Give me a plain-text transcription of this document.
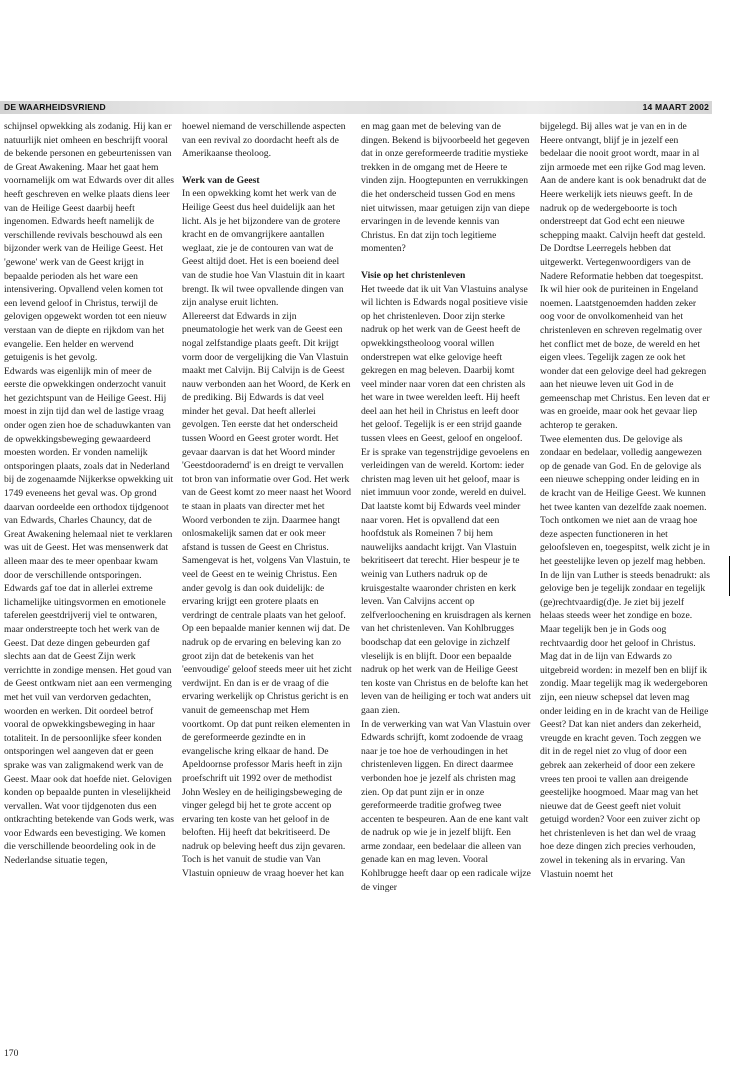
DE WAARHEIDSVRIEND	14 MAART 2002

schijnsel opwekking als zodanig. Hij kan er natuurlijk niet omheen en beschrijft vooral de bekende personen en gebeurtenissen van de Great Awakening. Maar het gaat hem voornamelijk om wat Edwards over dit alles heeft geschreven en welke plaats diens leer van de Heilige Geest daarbij heeft ingenomen. Edwards heeft namelijk de verschillende revivals beschouwd als een bijzonder werk van de Heilige Geest. Het 'gewone' werk van de Geest krijgt in bepaalde perioden als het ware een intensivering. Opvallend velen komen tot een levend geloof in Christus, terwijl de gelovigen opgewekt worden tot een nieuw verstaan van de diepte en rijkdom van het evangelie. Een helder en wervend getuigenis is het gevolg.

Edwards was eigenlijk min of meer de eerste die opwekkingen onderzocht vanuit het gezichtspunt van de Heilige Geest. Hij moest in zijn tijd dan wel de lastige vraag onder ogen zien hoe de schaduwkanten van de opwekkingsbeweging gewaardeerd moesten worden. Er vonden namelijk ontsporingen plaats, zoals dat in Nederland bij de zogenaamde Nijkerkse opwekking uit 1749 eveneens het geval was. Op grond daarvan oordeelde een orthodox tijdgenoot van Edwards, Charles Chauncy, dat de Great Awakening helemaal niet te verklaren was uit de Geest. Het was mensenwerk dat alleen maar des te meer openbaar kwam door de verschillende ontsporingen. Edwards gaf toe dat in allerlei extreme lichamelijke uitingsvormen en emotionele taferelen geestdrijverij viel te ontwaren, maar onderstreepte toch het werk van de Geest. Dat deze dingen gebeurden gaf slechts aan dat de Geest Zijn werk verrichtte in zondige mensen. Het goud van de Geest ontkwam niet aan een vermenging met het vuil van verdorven gedachten, woorden en werken. Dit oordeel betrof vooral de opwekkingsbeweging in haar totaliteit. In de persoonlijke sfeer konden ontsporingen wel aangeven dat er geen sprake was van zaligmakend werk van de Geest. Maar ook dat hoefde niet. Gelovigen konden op bepaalde punten in vleselijkheid vervallen. Wat voor tijdgenoten dus een ontkrachting betekende van Gods werk, was voor Edwards een bevestiging. We komen die verschillende beoordeling ook in de Nederlandse situatie tegen,

hoewel niemand de verschillende aspecten van een revival zo doordacht heeft als de Amerikaanse theoloog.

Werk van de Geest

In een opwekking komt het werk van de Heilige Geest dus heel duidelijk aan het licht. Als je het bijzondere van de grotere kracht en de omvangrijkere aantallen weglaat, zie je de contouren van wat de Geest altijd doet. Het is een boeiend deel van de studie hoe Van Vlastuin dit in kaart brengt. Ik wil twee opvallende dingen van zijn analyse eruit lichten.

Allereerst dat Edwards in zijn pneumatologie het werk van de Geest een nogal zelfstandige plaats geeft. Dit krijgt vorm door de vergelijking die Van Vlastuin maakt met Calvijn. Bij Calvijn is de Geest nauw verbonden aan het Woord, de Kerk en de prediking. Bij Edwards is dat veel minder het geval. Dat heeft allerlei gevolgen. Ten eerste dat het onderscheid tussen Woord en Geest groter wordt. Het gevaar daarvan is dat het Woord minder 'Geestdooradernd' is en dreigt te vervallen tot bron van informatie over God. Het werk van de Geest komt zo meer naast het Woord te staan in plaats van directer met het Woord verbonden te zijn. Daarmee hangt onlosmakelijk samen dat er ook meer afstand is tussen de Geest en Christus. Samengevat is het, volgens Van Vlastuin, te veel de Geest en te weinig Christus. Een ander gevolg is dan ook duidelijk: de ervaring krijgt een grotere plaats en verdringt de centrale plaats van het geloof. Op een bepaalde manier kennen wij dat. De nadruk op de ervaring en beleving kan zo groot zijn dat de betekenis van het 'eenvoudige' geloof steeds meer uit het zicht verdwijnt. En dan is er de vraag of die ervaring werkelijk op Christus gericht is en vanuit de gemeenschap met Hem voortkomt. Op dat punt reiken elementen in de gereformeerde gezindte en in evangelische kring elkaar de hand. De Apeldoornse professor Maris heeft in zijn proefschrift uit 1992 over de methodist John Wesley en de heiligingsbeweging de vinger gelegd bij het te grote accent op ervaring ten koste van het geloof in de beloften. Hij heeft dat bekritiseerd. De nadruk op beleving heeft dus zijn gevaren. Toch is het vanuit de studie van Van Vlastuin opnieuw de vraag hoever het kan

en mag gaan met de beleving van de dingen. Bekend is bijvoorbeeld het gegeven dat in onze gereformeerde traditie mystieke trekken in de omgang met de Heere te vinden zijn. Hoogtepunten en verrukkingen die het onderscheid tussen God en mens niet uitwissen, maar getuigen zijn van diepe ervaringen in de levende kennis van Christus. En dat zijn toch legitieme momenten?

Visie op het christenleven

Het tweede dat ik uit Van Vlastuins analyse wil lichten is Edwards nogal positieve visie op het christenleven. Door zijn sterke nadruk op het werk van de Geest heeft de opwekkingstheoloog vooral willen onderstrepen wat elke gelovige heeft gekregen en mag beleven. Daarbij komt veel minder naar voren dat een christen als het ware in twee werelden leeft. Hij heeft deel aan het heil in Christus en leeft door het geloof. Tegelijk is er een strijd gaande tussen vlees en Geest, geloof en ongeloof. Er is sprake van tegenstrijdige gevoelens en verleidingen van de wereld. Kortom: ieder christen mag leven uit het geloof, maar is niet immuun voor zonde, wereld en duivel. Dat laatste komt bij Edwards veel minder naar voren. Het is opvallend dat een hoofdstuk als Romeinen 7 bij hem nauwelijks aandacht krijgt. Van Vlastuin bekritiseert dat terecht. Hier bespeur je te weinig van Luthers nadruk op de kruisgestalte waaronder christen en kerk leven. Van Calvijns accent op zelfverloochening en kruisdragen als kernen van het christenleven. Van Kohlbrugges boodschap dat een gelovige in zichzelf vleselijk is en blijft. Door een bepaalde nadruk op het werk van de Heilige Geest ten koste van Christus en de belofte kan het leven van de heiliging er toch wat anders uit gaan zien.

In de verwerking van wat Van Vlastuin over Edwards schrijft, komt zodoende de vraag naar je toe hoe de verhoudingen in het christenleven liggen. En direct daarmee verbonden hoe je jezelf als christen mag zien. Op dat punt zijn er in onze gereformeerde traditie grofweg twee accenten te bespeuren. Aan de ene kant valt de nadruk op wie je in jezelf blijft. Een arme zondaar, een bedelaar die alleen van genade kan en mag leven. Vooral Kohlbrugge heeft daar op een radicale wijze de vinger

bijgelegd. Bij alles wat je van en in de Heere ontvangt, blijf je in jezelf een bedelaar die nooit groot wordt, maar in al zijn armoede met een rijke God mag leven. Aan de andere kant is ook benadrukt dat de Heere werkelijk iets nieuws geeft. In de nadruk op de wedergeboorte is toch onderstreept dat God echt een nieuwe schepping maakt. Calvijn heeft dat gesteld. De Dordtse Leerregels hebben dat uitgewerkt. Vertegenwoordigers van de Nadere Reformatie hebben dat toegespitst. Ik wil hier ook de puriteinen in Engeland noemen. Laatstgenoemden hadden zeker oog voor de onvolkomenheid van het christenleven en schreven regelmatig over het conflict met de boze, de wereld en het eigen vlees. Tegelijk zagen ze ook het wonder dat een gelovige deel had gekregen aan het nieuwe leven uit God in de gemeenschap met Christus. Een leven dat er was en groeide, maar ook het gevaar liep achterop te geraken.

Twee elementen dus. De gelovige als zondaar en bedelaar, volledig aangewezen op de genade van God. En de gelovige als een nieuwe schepping onder leiding en in de kracht van de Heilige Geest. We kunnen het twee kanten van dezelfde zaak noemen. Toch ontkomen we niet aan de vraag hoe deze aspecten functioneren in het geloofsleven en, toegespitst, welk zicht je in het geestelijke leven op jezelf mag hebben. In de lijn van Luther is steeds benadrukt: als gelovige ben je tegelijk zondaar en tegelijk (ge)rechtvaardig(d)e. Je ziet bij jezelf helaas steeds weer het zondige en boze. Maar tegelijk ben je in Gods oog rechtvaardig door het geloof in Christus. Mag dat in de lijn van Edwards zo uitgebreid worden: in mezelf ben en blijf ik zondig. Maar tegelijk mag ik wedergeboren zijn, een nieuw schepsel dat leven mag onder leiding en in de kracht van de Heilige Geest? Dat kan niet anders dan zekerheid, vreugde en kracht geven. Toch zeggen we dit in de regel niet zo vlug of door een gebrek aan zekerheid of door een zekere vrees ten prooi te vallen aan dreigende geestelijke hoogmoed. Maar mag van het nieuwe dat de Geest geeft niet voluit getuigd worden? Voor een zuiver zicht op het christenleven is het dan wel de vraag hoe deze dingen zich precies verhouden, zowel in tekening als in ervaring. Van Vlastuin noemt het

170
